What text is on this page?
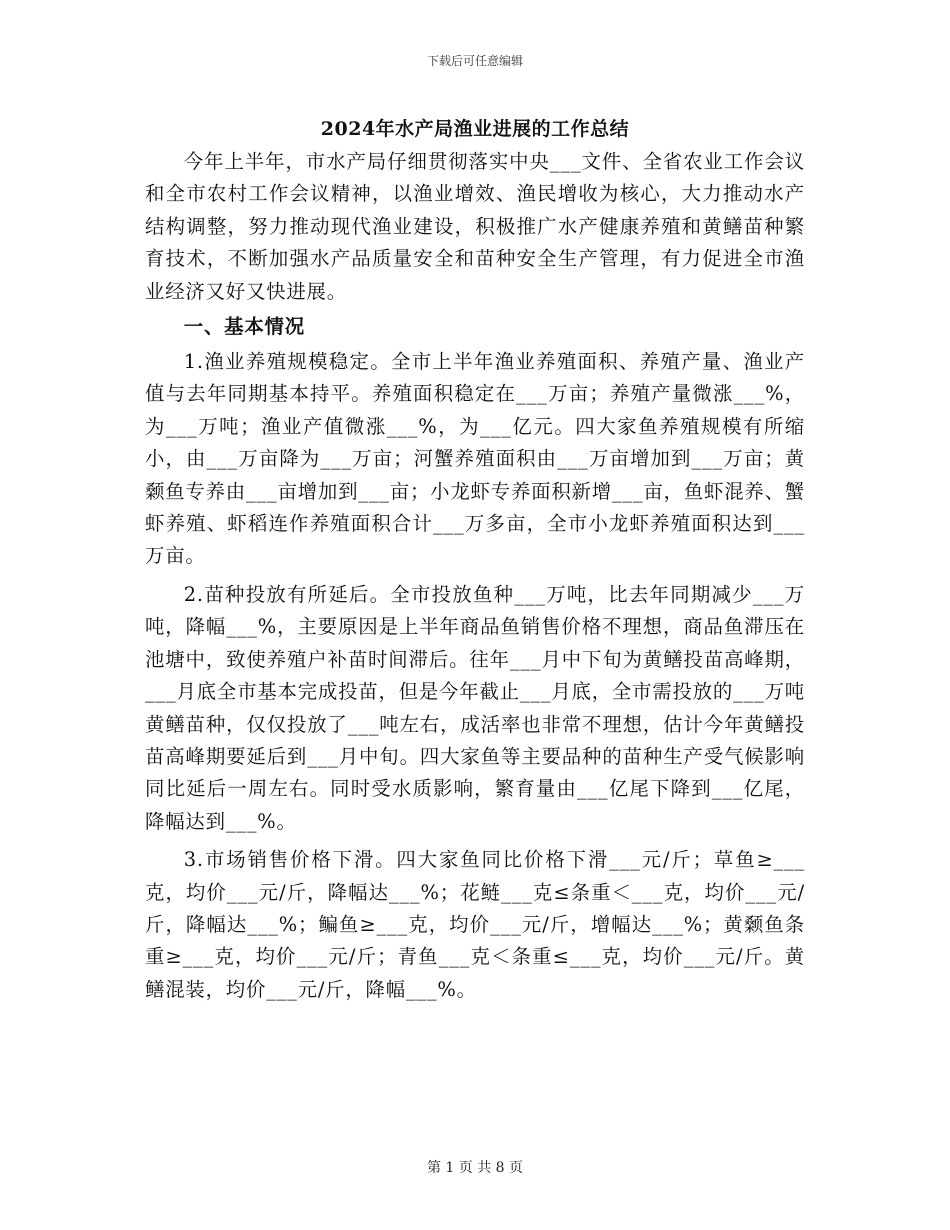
下载后可任意编辑
2024年水产局渔业进展的工作总结

今年上半年，市水产局仔细贯彻落实中央___文件、全省农业工作会议和全市农村工作会议精神，以渔业增效、渔民增收为核心，大力推动水产结构调整，努力推动现代渔业建设，积极推广水产健康养殖和黄鳝苗种繁育技术，不断加强水产品质量安全和苗种安全生产管理，有力促进全市渔业经济又好又快进展。

一、基本情况

1.渔业养殖规模稳定。全市上半年渔业养殖面积、养殖产量、渔业产值与去年同期基本持平。养殖面积稳定在___万亩；养殖产量微涨___%，为___万吨；渔业产值微涨___%，为___亿元。四大家鱼养殖规模有所缩小，由___万亩降为___万亩；河蟹养殖面积由___万亩增加到___万亩；黄颡鱼专养由___亩增加到___亩；小龙虾专养面积新增___亩，鱼虾混养、蟹虾养殖、虾稻连作养殖面积合计___万多亩，全市小龙虾养殖面积达到___万亩。

2.苗种投放有所延后。全市投放鱼种___万吨，比去年同期减少___万吨，降幅___%，主要原因是上半年商品鱼销售价格不理想，商品鱼滞压在池塘中，致使养殖户补苗时间滞后。往年___月中下旬为黄鳝投苗高峰期，___月底全市基本完成投苗，但是今年截止___月底，全市需投放的___万吨黄鳝苗种，仅仅投放了___吨左右，成活率也非常不理想，估计今年黄鳝投苗高峰期要延后到___月中旬。四大家鱼等主要品种的苗种生产受气候影响同比延后一周左右。同时受水质影响，繁育量由___亿尾下降到___亿尾，降幅达到___%。

3.市场销售价格下滑。四大家鱼同比价格下滑___元/斤；草鱼≥___克，均价___元/斤，降幅达___%；花鲢___克≤条重＜___克，均价___元/斤，降幅达___%；鳊鱼≥___克，均价___元/斤，增幅达___%；黄颡鱼条重≥___克，均价___元/斤；青鱼___克＜条重≤___克，均价___元/斤。黄鳝混装，均价___元/斤，降幅___%。

第 1 页 共 8 页
